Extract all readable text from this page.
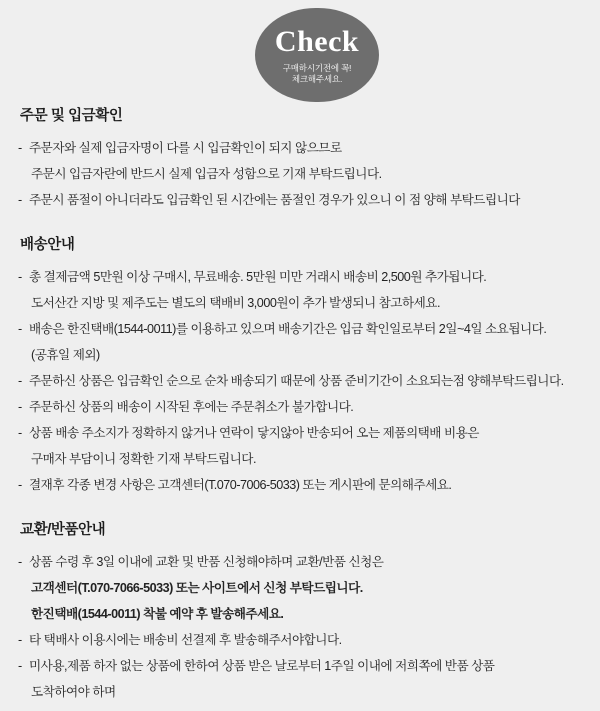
Check
구매하시기전에 꼭!
체크해주세요.
주문 및 입금확인
- 주문자와 실제 입금자명이 다를 시 입금확인이 되지 않으므로
주문시 입금자란에 반드시 실제 입금자 성함으로 기재 부탁드립니다.
- 주문시 품절이 아니더라도 입금확인 된 시간에는 품절인 경우가 있으니 이 점 양해 부탁드립니다
배송안내
- 총 결제금액 5만원 이상 구매시, 무료배송. 5만원 미만 거래시 배송비 2,500원 추가됩니다.
도서산간 지방 및 제주도는 별도의 택배비 3,000원이 추가 발생되니 참고하세요.
- 배송은 한진택배(1544-0011)를 이용하고 있으며 배송기간은 입금 확인일로부터 2일~4일 소요됩니다.
(공휴일 제외)
- 주문하신 상품은 입금확인 순으로 순차 배송되기 때문에 상품 준비기간이 소요되는점 양해부탁드립니다.
- 주문하신 상품의 배송이 시작된 후에는 주문취소가 불가합니다.
- 상품 배송 주소지가 정확하지 않거나 연락이 닿지않아 반송되어 오는 제품의택배 비용은
구매자 부담이니 정확한 기재 부탁드립니다.
- 결재후 각종 변경 사항은 고객센터(T.070-7006-5033) 또는 게시판에 문의해주세요.
교환/반품안내
- 상품 수령 후 3일 이내에 교환 및 반품 신청해야하며 교환/반품 신청은
고객센터(T.070-7066-5033) 또는 사이트에서 신청 부탁드립니다.
한진택배(1544-0011) 착불 예약 후 발송해주세요.
- 타 택배사 이용시에는 배송비 선결제 후 발송해주서야합니다.
- 미사용,제품 하자 없는 상품에 한하여 상품 받은 날로부터 1주일 이내에 저희쪽에 반품 상품
도착하여야 하며
